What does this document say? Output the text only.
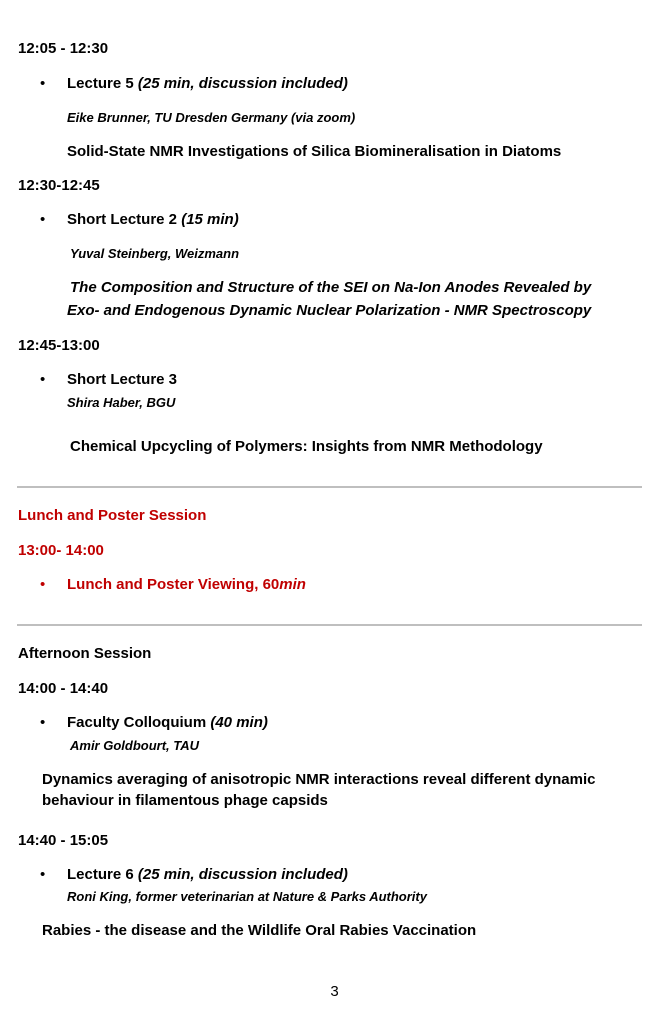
12:05 - 12:30
• Lecture 5 (25 min, discussion included)
Eike Brunner, TU Dresden Germany (via zoom)
Solid-State NMR Investigations of Silica Biomineralisation in Diatoms
12:30-12:45
• Short Lecture 2 (15 min)
Yuval Steinberg, Weizmann
The Composition and Structure of the SEI on Na-Ion Anodes Revealed by
Exo- and Endogenous Dynamic Nuclear Polarization - NMR Spectroscopy
12:45-13:00
• Short Lecture 3
Shira Haber, BGU
Chemical Upcycling of Polymers: Insights from NMR Methodology
Lunch and Poster Session
13:00- 14:00
• Lunch and Poster Viewing, 60min
Afternoon Session
14:00 - 14:40
• Faculty Colloquium (40 min)
Amir Goldbourt, TAU
Dynamics averaging of anisotropic NMR interactions reveal different dynamic
behaviour in filamentous phage capsids
14:40 - 15:05
• Lecture 6 (25 min, discussion included)
Roni King, former veterinarian at Nature & Parks Authority
Rabies - the disease and the Wildlife Oral Rabies Vaccination
3
